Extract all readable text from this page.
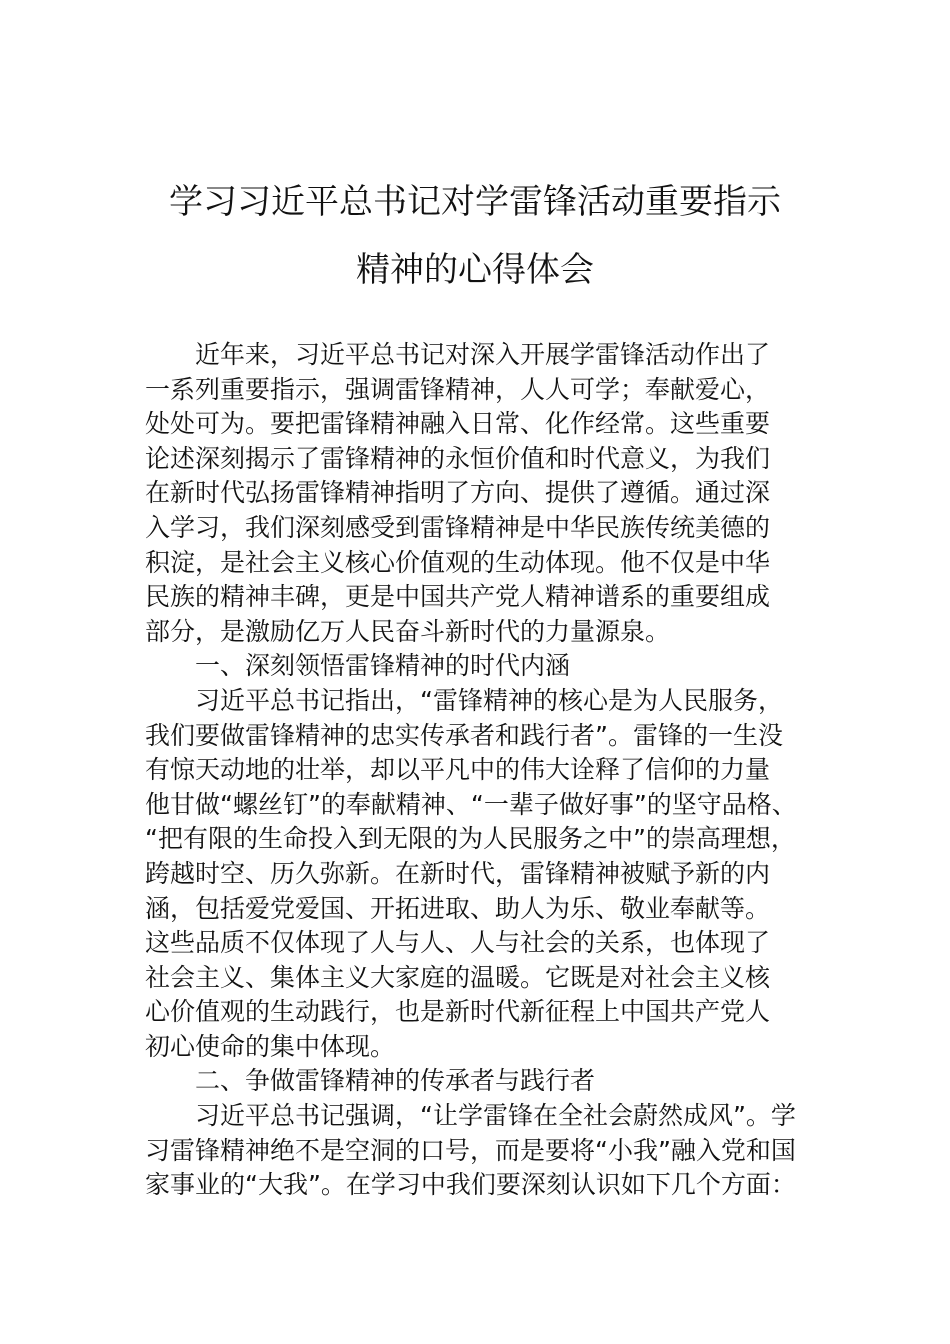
学习习近平总书记对学雷锋活动重要指示
精神的心得体会
近年来，习近平总书记对深入开展学雷锋活动作出了
一系列重要指示，强调雷锋精神，人人可学；奉献爱心，
处处可为。要把雷锋精神融入日常、化作经常。这些重要
论述深刻揭示了雷锋精神的永恒价值和时代意义，为我们
在新时代弘扬雷锋精神指明了方向、提供了遵循。通过深
入学习，我们深刻感受到雷锋精神是中华民族传统美德的
积淀，是社会主义核心价值观的生动体现。他不仅是中华
民族的精神丰碑，更是中国共产党人精神谱系的重要组成
部分，是激励亿万人民奋斗新时代的力量源泉。
一、深刻领悟雷锋精神的时代内涵
习近平总书记指出，“雷锋精神的核心是为人民服务，
我们要做雷锋精神的忠实传承者和践行者”。雷锋的一生没
有惊天动地的壮举，却以平凡中的伟大诠释了信仰的力量
他甘做“螺丝钉”的奉献精神、“一辈子做好事”的坚守品格、
“把有限的生命投入到无限的为人民服务之中”的崇高理想，
跨越时空、历久弥新。在新时代，雷锋精神被赋予新的内
涵，包括爱党爱国、开拓进取、助人为乐、敬业奉献等。
这些品质不仅体现了人与人、人与社会的关系，也体现了
社会主义、集体主义大家庭的温暖。它既是对社会主义核
心价值观的生动践行，也是新时代新征程上中国共产党人
初心使命的集中体现。
二、争做雷锋精神的传承者与践行者
习近平总书记强调，“让学雷锋在全社会蔚然成风”。学
习雷锋精神绝不是空洞的口号，而是要将“小我”融入党和国
家事业的“大我”。在学习中我们要深刻认识如下几个方面：
